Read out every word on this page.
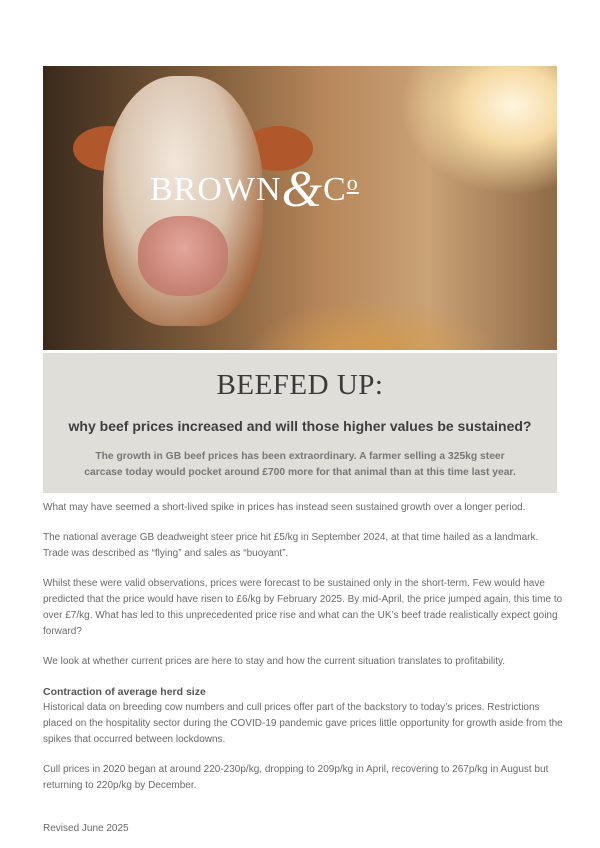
$BROWN\&C^o$
BEEFED UP:
why beef prices increased and will those higher values be sustained?
The growth in GB beef prices has been extraordinary. A farmer selling a 325kg steer carcase today would pocket around £700 more for that animal than at this time last year.

What may have seemed a short-lived spike in prices has instead seen sustained growth over a longer period.

The national average GB deadweight steer price hit £5/kg in September 2024, at that time hailed as a landmark. Trade was described as “flying” and sales as “buoyant”.

Whilst these were valid observations, prices were forecast to be sustained only in the short-term. Few would have predicted that the price would have risen to £6/kg by February 2025. By mid-April, the price jumped again, this time to over £7/kg. What has led to this unprecedented price rise and what can the UK’s beef trade realistically expect going forward?

We look at whether current prices are here to stay and how the current situation translates to profitability.

Contraction of average herd size

Historical data on breeding cow numbers and cull prices offer part of the backstory to today’s prices. Restrictions placed on the hospitality sector during the COVID-19 pandemic gave prices little opportunity for growth aside from the spikes that occurred between lockdowns.

Cull prices in 2020 began at around 220-230p/kg, dropping to 209p/kg in April, recovering to 267p/kg in August but returning to 220p/kg by December.

Revised June 2025
